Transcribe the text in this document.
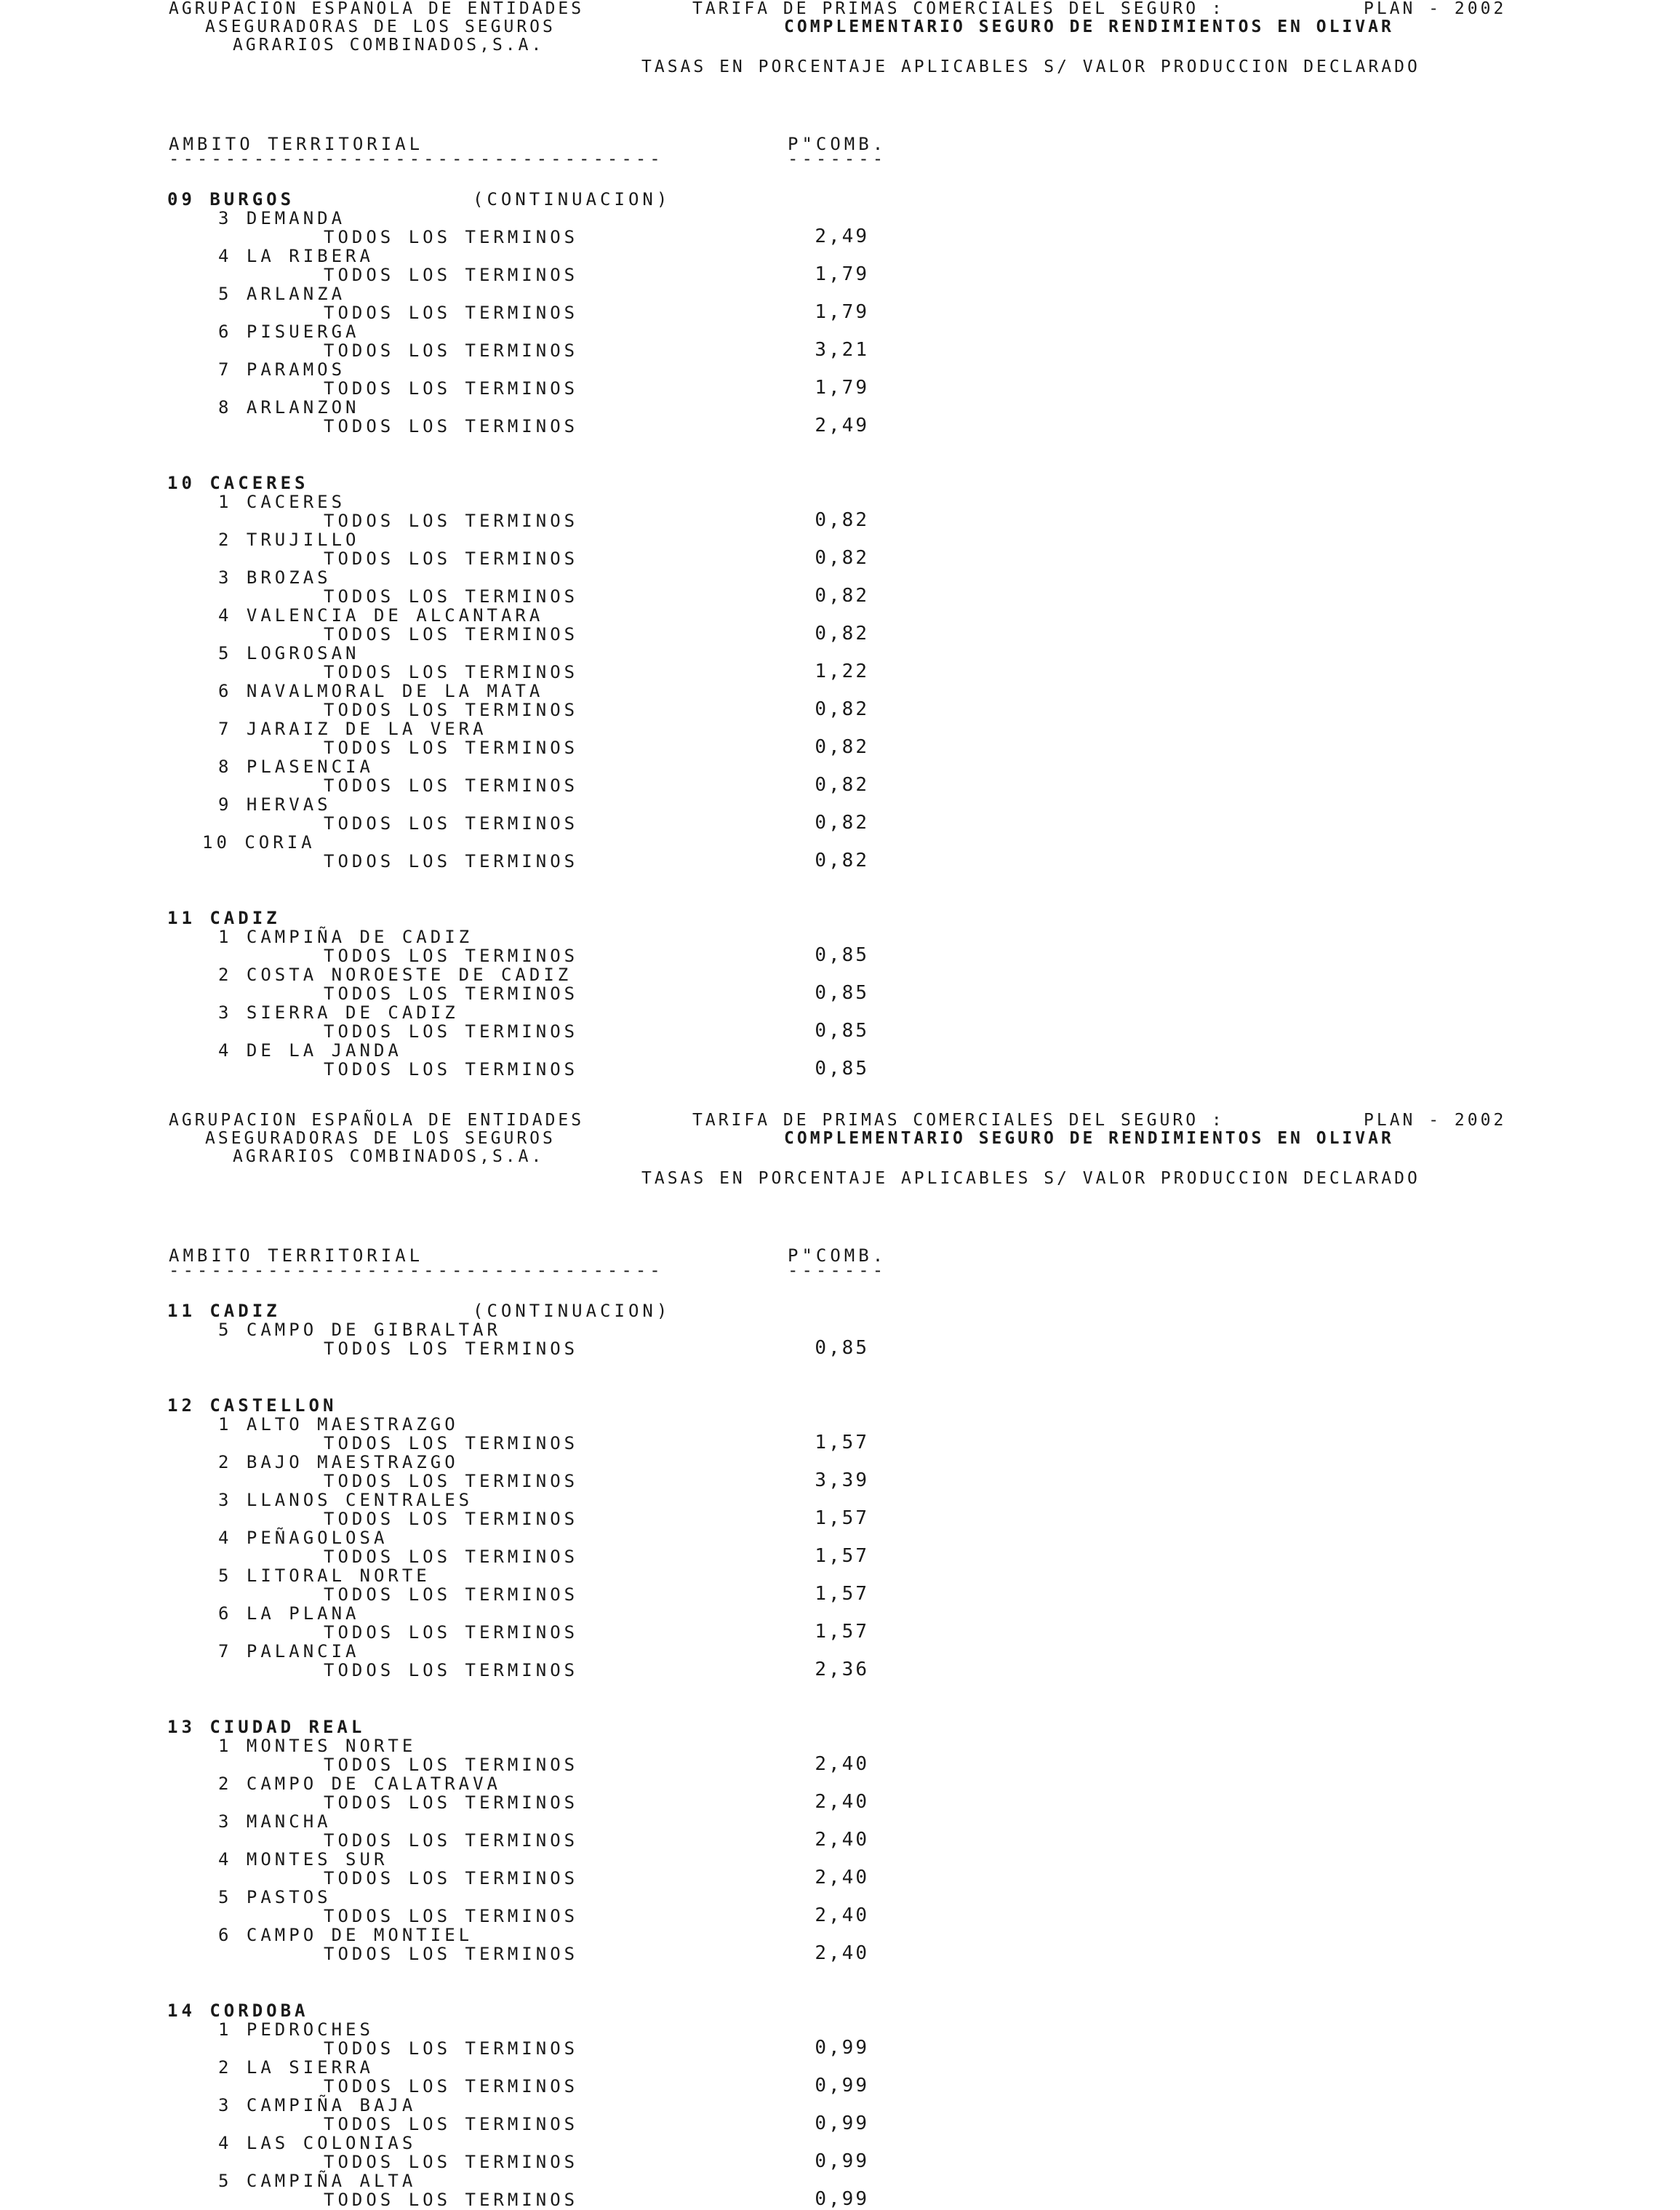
AGRUPACION ESPAÑOLA DE ENTIDADES
ASEGURADORAS DE LOS SEGUROS
AGRARIOS COMBINADOS,S.A.
TARIFA DE PRIMAS COMERCIALES DEL SEGURO :	PLAN - 2002
COMPLEMENTARIO SEGURO DE RENDIMIENTOS EN OLIVAR
TASAS EN PORCENTAJE APLICABLES S/ VALOR PRODUCCION DECLARADO
AMBITO TERRITORIAL
-----------------------------------
P"COMB.
-------
09 BURGOS	(CONTINUACION)
3 DEMANDA
TODOS LOS TERMINOS	2,49
4 LA RIBERA
TODOS LOS TERMINOS	1,79
5 ARLANZA
TODOS LOS TERMINOS	1,79
6 PISUERGA
TODOS LOS TERMINOS	3,21
7 PARAMOS
TODOS LOS TERMINOS	1,79
8 ARLANZON
TODOS LOS TERMINOS	2,49
10 CACERES
1 CACERES
TODOS LOS TERMINOS	0,82
2 TRUJILLO
TODOS LOS TERMINOS	0,82
3 BROZAS
TODOS LOS TERMINOS	0,82
4 VALENCIA DE ALCANTARA
TODOS LOS TERMINOS	0,82
5 LOGROSAN
TODOS LOS TERMINOS	1,22
6 NAVALMORAL DE LA MATA
TODOS LOS TERMINOS	0,82
7 JARAIZ DE LA VERA
TODOS LOS TERMINOS	0,82
8 PLASENCIA
TODOS LOS TERMINOS	0,82
9 HERVAS
TODOS LOS TERMINOS	0,82
10 CORIA
TODOS LOS TERMINOS	0,82
11 CADIZ
1 CAMPIÑA DE CADIZ
TODOS LOS TERMINOS	0,85
2 COSTA NOROESTE DE CADIZ
TODOS LOS TERMINOS	0,85
3 SIERRA DE CADIZ
TODOS LOS TERMINOS	0,85
4 DE LA JANDA
TODOS LOS TERMINOS	0,85
AGRUPACION ESPAÑOLA DE ENTIDADES
ASEGURADORAS DE LOS SEGUROS
AGRARIOS COMBINADOS,S.A.
TARIFA DE PRIMAS COMERCIALES DEL SEGURO :	PLAN - 2002
COMPLEMENTARIO SEGURO DE RENDIMIENTOS EN OLIVAR
TASAS EN PORCENTAJE APLICABLES S/ VALOR PRODUCCION DECLARADO
AMBITO TERRITORIAL
-----------------------------------
P"COMB.
-------
11 CADIZ	(CONTINUACION)
5 CAMPO DE GIBRALTAR
TODOS LOS TERMINOS	0,85
12 CASTELLON
1 ALTO MAESTRAZGO
TODOS LOS TERMINOS	1,57
2 BAJO MAESTRAZGO
TODOS LOS TERMINOS	3,39
3 LLANOS CENTRALES
TODOS LOS TERMINOS	1,57
4 PEÑAGOLOSA
TODOS LOS TERMINOS	1,57
5 LITORAL NORTE
TODOS LOS TERMINOS	1,57
6 LA PLANA
TODOS LOS TERMINOS	1,57
7 PALANCIA
TODOS LOS TERMINOS	2,36
13 CIUDAD REAL
1 MONTES NORTE
TODOS LOS TERMINOS	2,40
2 CAMPO DE CALATRAVA
TODOS LOS TERMINOS	2,40
3 MANCHA
TODOS LOS TERMINOS	2,40
4 MONTES SUR
TODOS LOS TERMINOS	2,40
5 PASTOS
TODOS LOS TERMINOS	2,40
6 CAMPO DE MONTIEL
TODOS LOS TERMINOS	2,40
14 CORDOBA
1 PEDROCHES
TODOS LOS TERMINOS	0,99
2 LA SIERRA
TODOS LOS TERMINOS	0,99
3 CAMPIÑA BAJA
TODOS LOS TERMINOS	0,99
4 LAS COLONIAS
TODOS LOS TERMINOS	0,99
5 CAMPIÑA ALTA
TODOS LOS TERMINOS	0,99
